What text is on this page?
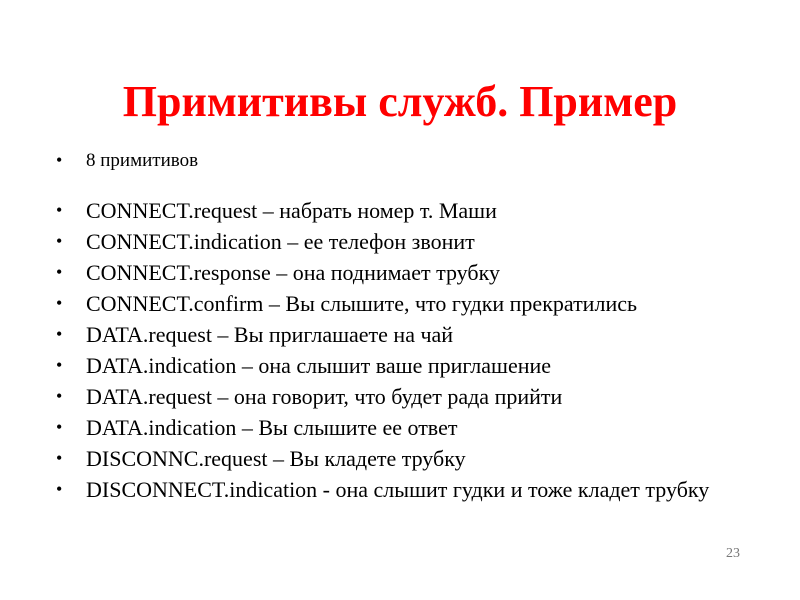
Примитивы служб. Пример
•	8 примитивов
•	CONNECT.request – набрать номер т. Маши
•	CONNECT.indication – ее телефон звонит
•	CONNECT.response – она поднимает трубку
•	CONNECT.confirm – Вы слышите, что гудки прекратились
•	DATA.request – Вы приглашаете на чай
•	DATA.indication – она слышит ваше приглашение
•	DATA.request – она говорит, что будет рада прийти
•	DATA.indication – Вы слышите ее ответ
•	DISCONNC.request – Вы кладете трубку
•	DISCONNECT.indication - она слышит гудки и тоже кладет трубку
23
